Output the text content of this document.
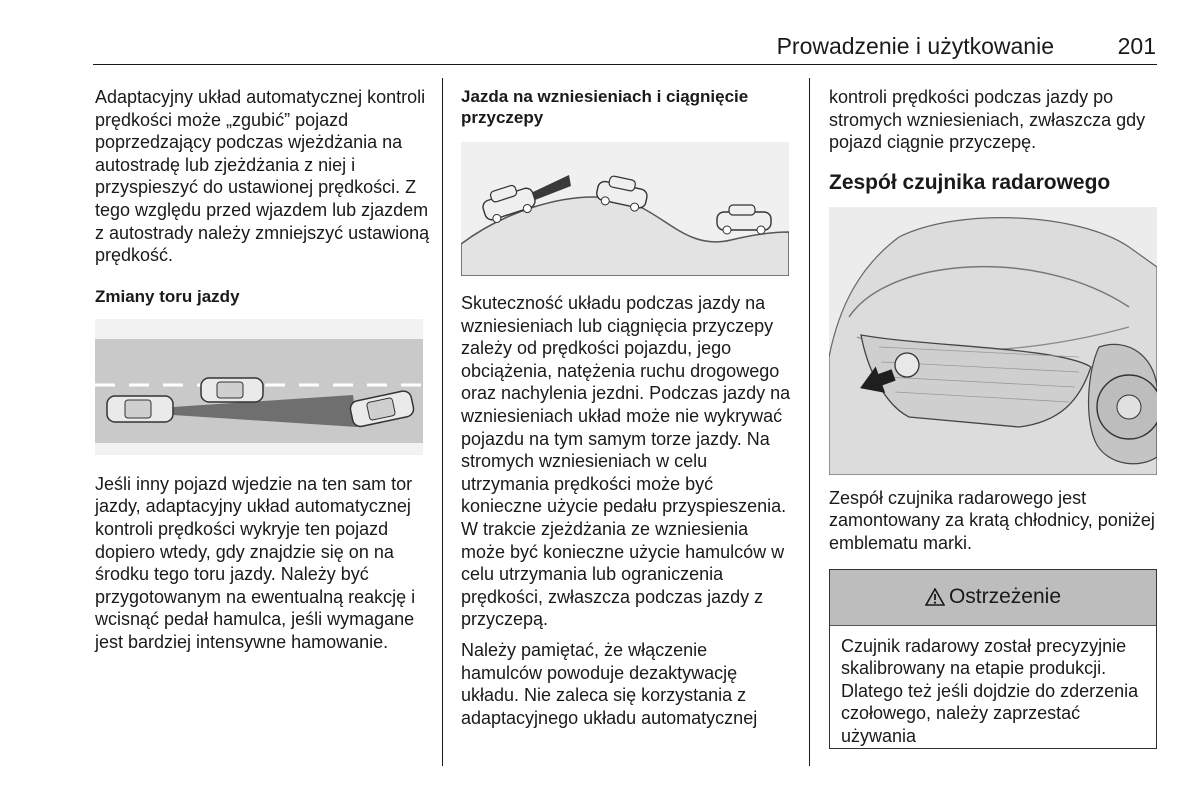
Prowadzenie i użytkowanie	201

Adaptacyjny układ automatycznej kontroli prędkości może „zgubić” pojazd poprzedzający podczas wjeżdżania na autostradę lub zjeżdżania z niej i przyspieszyć do ustawionej prędkości. Z tego względu przed wjazdem lub zjazdem z autostrady należy zmniejszyć ustawioną prędkość.

Zmiany toru jazdy

Jeśli inny pojazd wjedzie na ten sam tor jazdy, adaptacyjny układ automatycznej kontroli prędkości wykryje ten pojazd dopiero wtedy, gdy znajdzie się on na środku tego toru jazdy. Należy być przygotowanym na ewentualną reakcję i wcisnąć pedał hamulca, jeśli wymagane jest bardziej intensywne hamowanie.

Jazda na wzniesieniach i ciągnięcie przyczepy

Skuteczność układu podczas jazdy na wzniesieniach lub ciągnięcia przyczepy zależy od prędkości pojazdu, jego obciążenia, natężenia ruchu drogowego oraz nachylenia jezdni. Podczas jazdy na wzniesieniach układ może nie wykrywać pojazdu na tym samym torze jazdy. Na stromych wzniesieniach w celu utrzymania prędkości może być konieczne użycie pedału przyspieszenia. W trakcie zjeżdżania ze wzniesienia może być konieczne użycie hamulców w celu utrzymania lub ograniczenia prędkości, zwłaszcza podczas jazdy z przyczepą.

Należy pamiętać, że włączenie hamulców powoduje dezaktywację układu. Nie zaleca się korzystania z adaptacyjnego układu automatycznej

kontroli prędkości podczas jazdy po stromych wzniesieniach, zwłaszcza gdy pojazd ciągnie przyczepę.

Zespół czujnika radarowego

Zespół czujnika radarowego jest zamontowany za kratą chłodnicy, poniżej emblematu marki.

Ostrzeżenie

Czujnik radarowy został precyzyjnie skalibrowany na etapie produkcji. Dlatego też jeśli dojdzie do zderzenia czołowego, należy zaprzestać używania
